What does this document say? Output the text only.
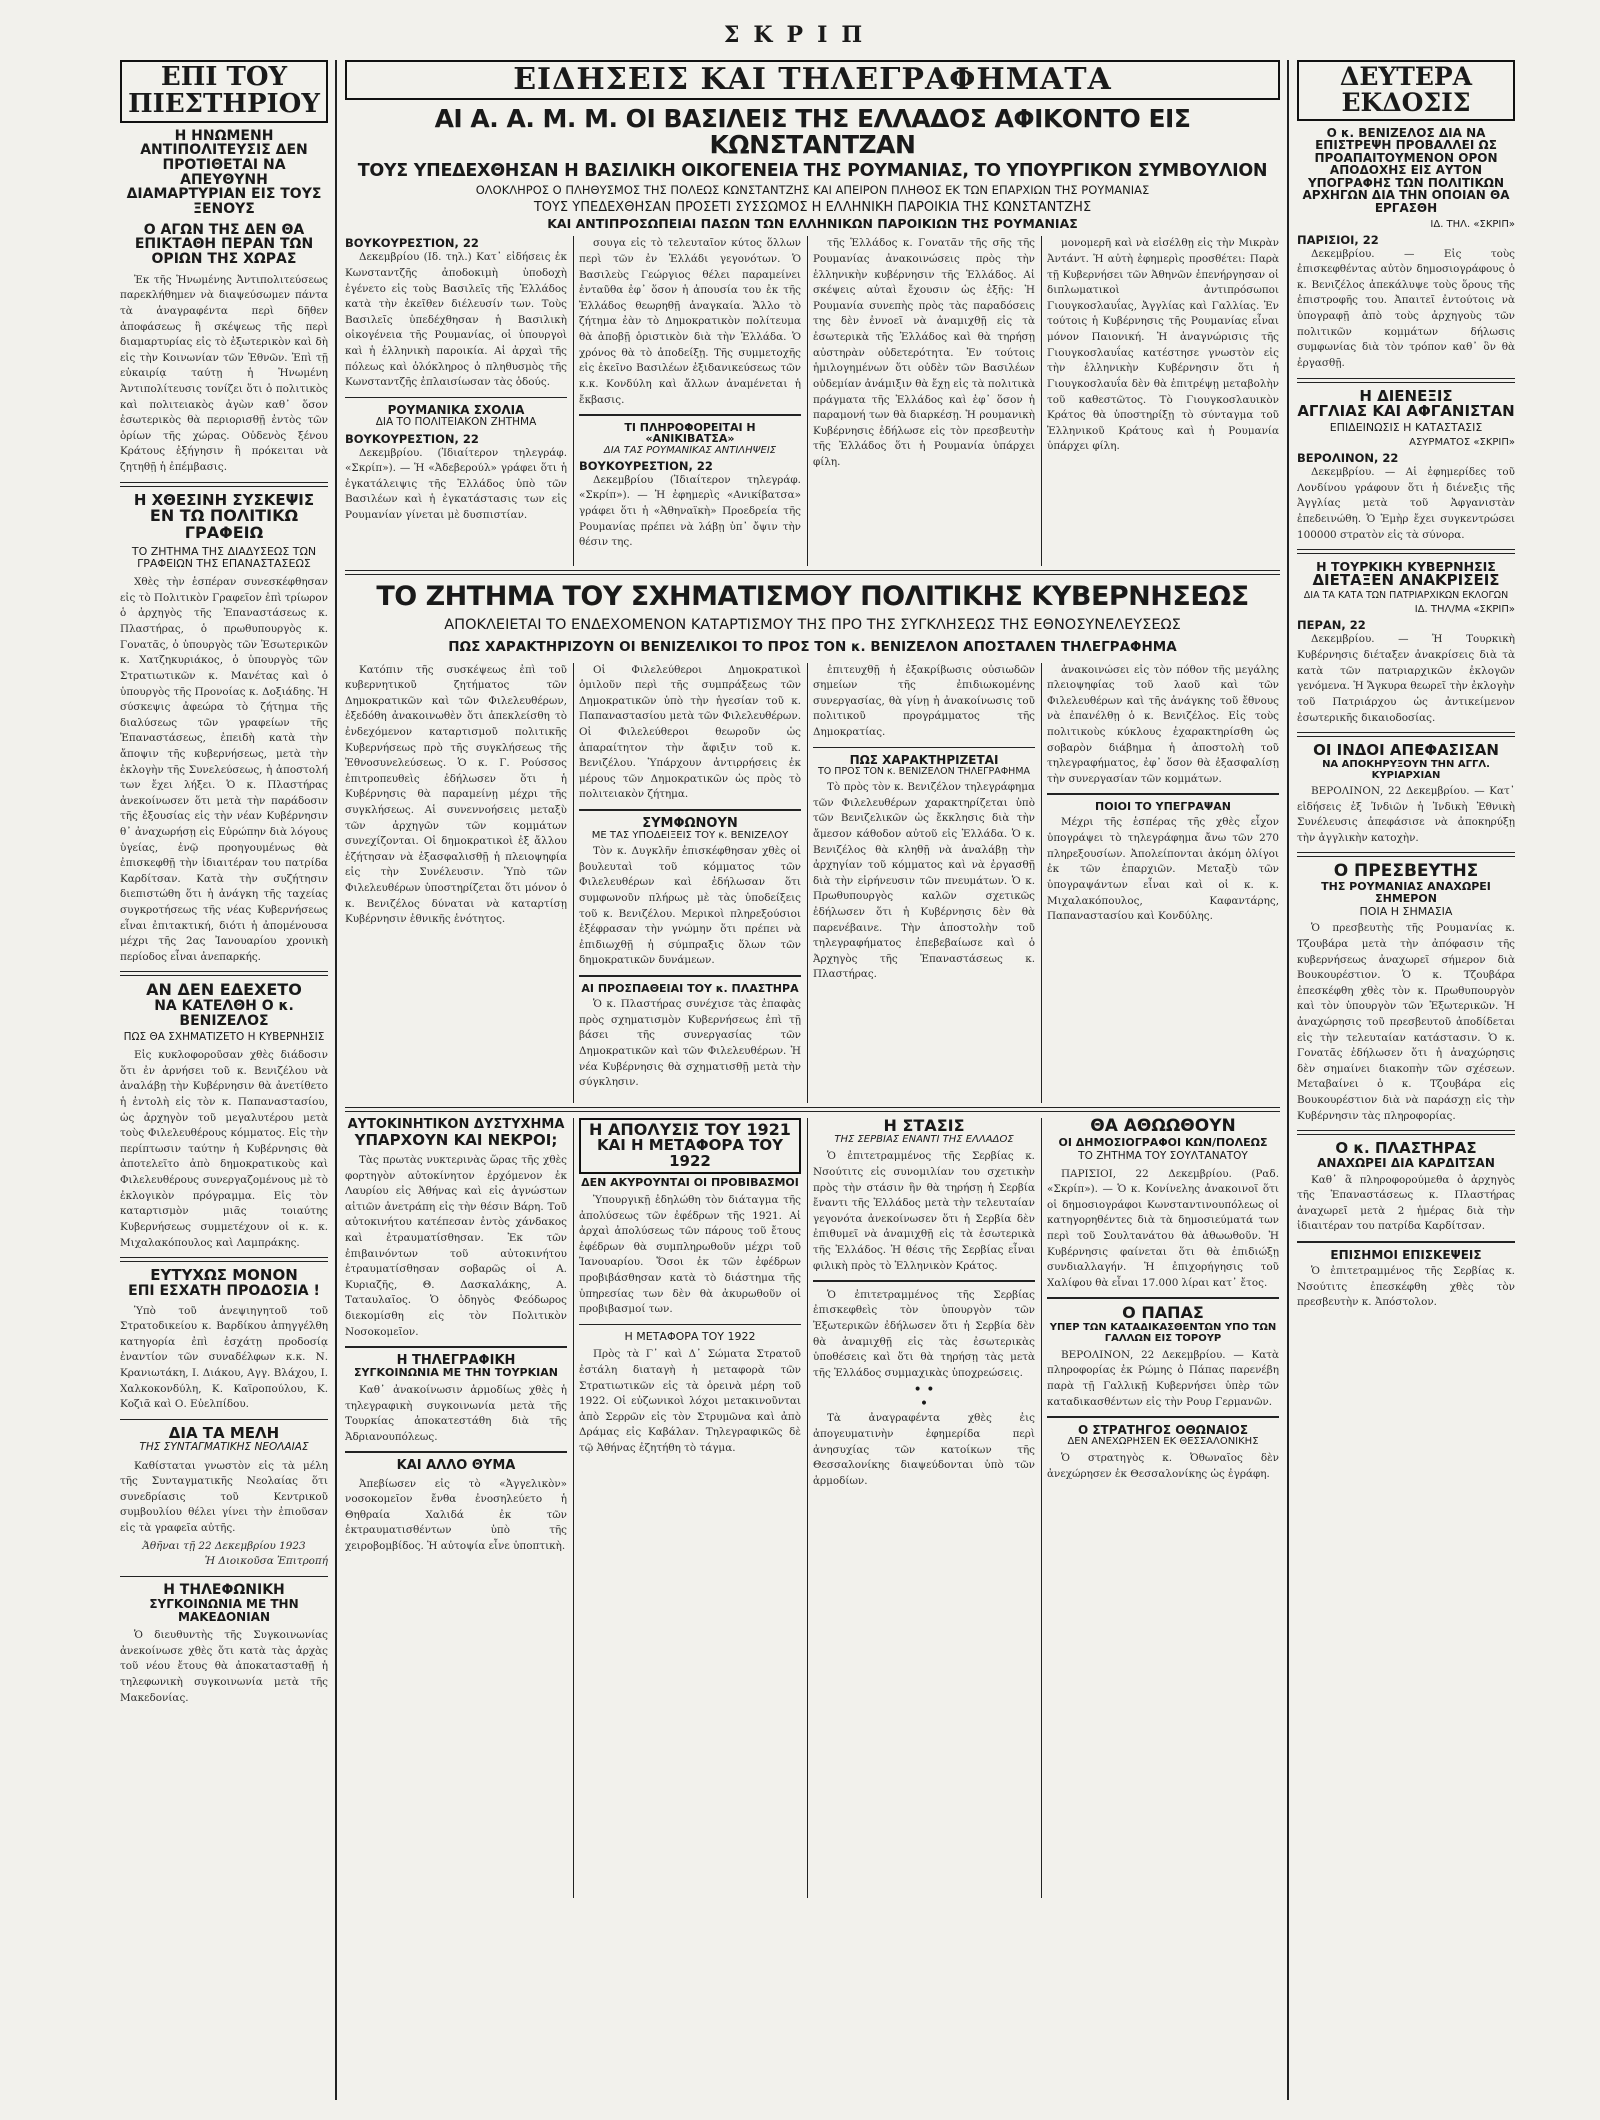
ΣΚΡΙΠ
ΕΠΙ ΤΟΥ ΠΙΕΣΤΗΡΙΟΥ
Η ΗΝΩΜΕΝΗ ΑΝΤΙΠΟΛΙΤΕΥΣΙΣ ΔΕΝ ΠΡΟΤΙΘΕΤΑΙ ΝΑ ΑΠΕΥΘΥΝΗ ΔΙΑΜΑΡΤΥΡΙΑΝ ΕΙΣ ΤΟΥΣ ΞΕΝΟΥΣ
Ο ΑΓΩΝ ΤΗΣ ΔΕΝ ΘΑ ΕΠΙΚΤΑΘΗ ΠΕΡΑΝ ΤΩΝ ΟΡΙΩΝ ΤΗΣ ΧΩΡΑΣ

Ἐκ τῆς Ἡνωμένης Ἀντιπολιτεύσεως παρεκλήθημεν νὰ διαψεύσωμεν πάντα τὰ ἀναγραφέντα περὶ δῆθεν ἀποφάσεως ἢ σκέψεως τῆς περὶ διαμαρτυρίας εἰς τὸ ἐξωτερικὸν καὶ δὴ εἰς τὴν Κοινωνίαν τῶν Ἐθνῶν. Ἐπὶ τῇ εὐκαιρίᾳ ταύτῃ ἡ Ἡνωμένη Ἀντιπολίτευσις τονίζει ὅτι ὁ πολιτικὸς καὶ πολιτειακὸς ἀγὼν καθ᾽ ὅσον ἐσωτερικὸς θὰ περιορισθῇ ἐντὸς τῶν ὁρίων τῆς χώρας. Οὐδενὸς ξένου Κράτους ἐξήγησιν ἢ πρόκειται νὰ ζητηθῇ ἡ ἐπέμβασις.

Η ΧΘΕΣΙΝΗ ΣΥΣΚΕΨΙΣ
ΕΝ ΤΩ ΠΟΛΙΤΙΚΩ ΓΡΑΦΕΙΩ
ΤΟ ΖΗΤΗΜΑ ΤΗΣ ΔΙΑΔΥΣΕΩΣ ΤΩΝ ΓΡΑΦΕΙΩΝ ΤΗΣ ΕΠΑΝΑΣΤΑΣΕΩΣ

Χθὲς τὴν ἑσπέραν συνεσκέφθησαν εἰς τὸ Πολιτικὸν Γραφεῖον ἐπὶ τρίωρον ὁ ἀρχηγὸς τῆς Ἐπαναστάσεως κ. Πλαστήρας, ὁ πρωθυπουργὸς κ. Γονατᾶς, ὁ ὑπουργὸς τῶν Ἐσωτερικῶν κ. Χατζηκυριάκος, ὁ ὑπουργὸς τῶν Στρατιωτικῶν κ. Μανέτας καὶ ὁ ὑπουργὸς τῆς Προνοίας κ. Δοξιάδης. Ἡ σύσκεψις ἀφεώρα τὸ ζήτημα τῆς διαλύσεως τῶν γραφείων τῆς Ἐπαναστάσεως, ἐπειδὴ κατὰ τὴν ἄποψιν τῆς κυβερνήσεως, μετὰ τὴν ἐκλογὴν τῆς Συνελεύσεως, ἡ ἀποστολή των ἔχει λήξει. Ὁ κ. Πλαστήρας ἀνεκοίνωσεν ὅτι μετὰ τὴν παράδοσιν τῆς ἐξουσίας εἰς τὴν νέαν Κυβέρνησιν θ᾽ ἀναχωρήσῃ εἰς Εὐρώπην διὰ λόγους ὑγείας, ἐνῷ προηγουμένως θὰ ἐπισκεφθῇ τὴν ἰδιαιτέραν του πατρίδα Καρδίτσαν. Κατὰ τὴν συζήτησιν διεπιστώθη ὅτι ἡ ἀνάγκη τῆς ταχείας συγκροτήσεως τῆς νέας Κυβερνήσεως εἶναι ἐπιτακτική, διότι ἡ ἀπομένουσα μέχρι τῆς 2ας Ἰανουαρίου χρονικὴ περίοδος εἶναι ἀνεπαρκής.

ΑΝ ΔΕΝ ΕΔΕΧΕΤΟ
ΝΑ ΚΑΤΕΛΘΗ Ο κ. ΒΕΝΙΖΕΛΟΣ
ΠΩΣ ΘΑ ΣΧΗΜΑΤΙΖΕΤΟ Η ΚΥΒΕΡΝΗΣΙΣ

Εἰς κυκλοφοροῦσαν χθὲς διάδοσιν ὅτι ἐν ἀρνήσει τοῦ κ. Βενιζέλου νὰ ἀναλάβῃ τὴν Κυβέρνησιν θὰ ἀνετίθετο ἡ ἐντολὴ εἰς τὸν κ. Παπαναστασίου, ὡς ἀρχηγὸν τοῦ μεγαλυτέρου μετὰ τοὺς Φιλελευθέρους κόμματος. Εἰς τὴν περίπτωσιν ταύτην ἡ Κυβέρνησις θὰ ἀποτελεῖτο ἀπὸ δημοκρατικοὺς καὶ Φιλελευθέρους συνεργαζομένους μὲ τὸ ἐκλογικὸν πρόγραμμα. Εἰς τὸν καταρτισμὸν μιᾶς τοιαύτης Κυβερνήσεως συμμετέχουν οἱ κ. κ. Μιχαλακόπουλος καὶ Λαμπράκης.

ΕΥΤΥΧΩΣ ΜΟΝΟΝ
ΕΠΙ ΕΣΧΑΤΗ ΠΡΟΔΟΣΙΑ !

Ὑπὸ τοῦ ἀνεψιηγητοῦ τοῦ Στρατοδικείου κ. Βαρδίκου ἀπηγγέλθη κατηγορία ἐπὶ ἐσχάτῃ προδοσίᾳ ἐναντίον τῶν συναδέλφων κ.κ. Ν. Κρανιωτάκη, Ι. Διάκου, Αγγ. Βλάχου, Ι. Χαλκοκονδύλη, Κ. Καϊροπούλου, Κ. Κοζιᾶ καὶ Ο. Εὐελπίδου.

ΔΙΑ ΤΑ ΜΕΛΗ
ΤΗΣ ΣΥΝΤΑΓΜΑΤΙΚΗΣ ΝΕΟΛΑΙΑΣ

Καθίσταται γνωστὸν εἰς τὰ μέλη τῆς Συνταγματικῆς Νεολαίας ὅτι συνεδρίασις τοῦ Κεντρικοῦ συμβουλίου θέλει γίνει τὴν ἐπιοῦσαν εἰς τὰ γραφεῖα αὐτῆς.

Ἀθῆναι τῇ 22 Δεκεμβρίου 1923
Ἡ Διοικοῦσα Ἐπιτροπή
Η ΤΗΛΕΦΩΝΙΚΗ
ΣΥΓΚΟΙΝΩΝΙΑ ΜΕ ΤΗΝ ΜΑΚΕΔΟΝΙΑΝ

Ὁ διευθυντὴς τῆς Συγκοινωνίας ἀνεκοίνωσε χθὲς ὅτι κατὰ τὰς ἀρχὰς τοῦ νέου ἔτους θὰ ἀποκατασταθῇ ἡ τηλεφωνικὴ συγκοινωνία μετὰ τῆς Μακεδονίας.

ΕΙΔΗΣΕΙΣ ΚΑΙ ΤΗΛΕΓΡΑΦΗΜΑΤΑ
ΑΙ Α. Α. Μ. Μ. ΟΙ ΒΑΣΙΛΕΙΣ ΤΗΣ ΕΛΛΑΔΟΣ ΑΦΙΚΟΝΤΟ ΕΙΣ ΚΩΝΣΤΑΝΤΖΑΝ
ΤΟΥΣ ΥΠΕΔΕΧΘΗΣΑΝ Η ΒΑΣΙΛΙΚΗ ΟΙΚΟΓΕΝΕΙΑ ΤΗΣ ΡΟΥΜΑΝΙΑΣ, ΤΟ ΥΠΟΥΡΓΙΚΟΝ ΣΥΜΒΟΥΛΙΟΝ
ΟΛΟΚΛΗΡΟΣ Ο ΠΛΗΘΥΣΜΟΣ ΤΗΣ ΠΟΛΕΩΣ ΚΩΝΣΤΑΝΤΖΗΣ ΚΑΙ ΑΠΕΙΡΟΝ ΠΛΗΘΟΣ ΕΚ ΤΩΝ ΕΠΑΡΧΙΩΝ ΤΗΣ ΡΟΥΜΑΝΙΑΣ
ΤΟΥΣ ΥΠΕΔΕΧΘΗΣΑΝ ΠΡΟΣΕΤΙ ΣΥΣΣΩΜΟΣ Η ΕΛΛΗΝΙΚΗ ΠΑΡΟΙΚΙΑ ΤΗΣ ΚΩΝΣΤΑΝΤΖΗΣ
ΚΑΙ ΑΝΤΙΠΡΟΣΩΠΕΙΑΙ ΠΑΣΩΝ ΤΩΝ ΕΛΛΗΝΙΚΩΝ ΠΑΡΟΙΚΙΩΝ ΤΗΣ ΡΟΥΜΑΝΙΑΣ
ΒΟΥΚΟΥΡΕΣΤΙΟΝ, 22

Δεκεμβρίου (Ιδ. τηλ.) Κατ᾽ εἰδήσεις ἐκ Κωνσταντζῆς ἀποδοκιμὴ ὑποδοχὴ ἐγένετο εἰς τοὺς Βασιλεῖς τῆς Ἑλλάδος κατὰ τὴν ἐκεῖθεν διέλευσίν των. Τοὺς Βασιλεῖς ὑπεδέχθησαν ἡ Βασιλικὴ οἰκογένεια τῆς Ρουμανίας, οἱ ὑπουργοὶ καὶ ἡ ἑλληνικὴ παροικία. Αἱ ἀρχαὶ τῆς πόλεως καὶ ὁλόκληρος ὁ πληθυσμὸς τῆς Κωνσταντζῆς ἐπλαισίωσαν τὰς ὁδούς.

ΡΟΥΜΑΝΙΚΑ ΣΧΟΛΙΑ
ΔΙΑ ΤΟ ΠΟΛΙΤΕΙΑΚΟΝ ΖΗΤΗΜΑ
ΒΟΥΚΟΥΡΕΣΤΙΟΝ, 22

Δεκεμβρίου. (Ἰδιαίτερον τηλεγράφ. «Σκρίπ»). — Ἡ «Ἀδεβερούλ» γράφει ὅτι ἡ ἐγκατάλειψις τῆς Ἑλλάδος ὑπὸ τῶν Βασιλέων καὶ ἡ ἐγκατάστασις των εἰς Ρουμανίαν γίνεται μὲ δυσπιστίαν.

σουγα εἰς τὸ τελευταῖον κύτος ὅλλων περὶ τῶν ἐν Ἑλλάδι γεγονότων. Ὁ Βασιλεὺς Γεώργιος θέλει παραμείνει ἐνταῦθα ἐφ᾽ ὅσον ἡ ἀπουσία του ἐκ τῆς Ἑλλάδος θεωρηθῇ ἀναγκαία. Ἄλλο τὸ ζήτημα ἐὰν τὸ Δημοκρατικὸν πολίτευμα θὰ ἀποβῇ ὁριστικὸν διὰ τὴν Ἑλλάδα. Ὁ χρόνος θὰ τὸ ἀποδείξῃ. Τῆς συμμετοχῆς εἰς ἐκεῖνο Βασιλέων ἐξιδανικεύσεως τῶν κ.κ. Κονδύλη καὶ ἄλλων ἀναμένεται ἡ ἔκβασις.

ΤΙ ΠΛΗΡΟΦΟΡΕΙΤΑΙ Η «ΑΝΙΚΙΒΑΤΣΑ»
ΔΙΑ ΤΑΣ ΡΟΥΜΑΝΙΚΑΣ ΑΝΤΙΛΗΨΕΙΣ
ΒΟΥΚΟΥΡΕΣΤΙΟΝ, 22

Δεκεμβρίου (Ἰδιαίτερον τηλεγράφ. «Σκρίπ»). — Ἡ ἐφημερὶς «Ανικίβατσα» γράφει ὅτι ἡ «Ἀθηναϊκὴ» Προεδρεία τῆς Ρουμανίας πρέπει νὰ λάβῃ ὑπ᾽ ὄψιν τὴν θέσιν της.

τῆς Ἑλλάδος κ. Γονατᾶν τῆς σῆς τῆς Ρουμανίας ἀνακοινώσεις πρὸς τὴν ἑλληνικὴν κυβέρνησιν τῆς Ἑλλάδος. Αἱ σκέψεις αὐταὶ ἔχουσιν ὡς ἑξῆς: Ἡ Ρουμανία συνεπὴς πρὸς τὰς παραδόσεις της δὲν ἐννοεῖ νὰ ἀναμιχθῇ εἰς τὰ ἐσωτερικὰ τῆς Ἑλλάδος καὶ θὰ τηρήσῃ αὐστηρὰν οὐδετερότητα. Ἐν τούτοις ἡμιλογημένων ὅτι οὐδὲν τῶν Βασιλέων οὐδεμίαν ἀνάμιξιν θὰ ἔχῃ εἰς τὰ πολιτικὰ πράγματα τῆς Ἑλλάδος καὶ ἐφ᾽ ὅσον ἡ παραμονή των θὰ διαρκέσῃ. Ἡ ρουμανικὴ Κυβέρνησις ἐδήλωσε εἰς τὸν πρεσβευτὴν τῆς Ἑλλάδος ὅτι ἡ Ρουμανία ὑπάρχει φίλη.

μονομερῆ καὶ νὰ εἰσέλθῃ εἰς τὴν Μικρὰν Ἀντάντ. Ἡ αὐτὴ ἐφημερὶς προσθέτει: Παρὰ τῇ Κυβερνήσει τῶν Ἀθηνῶν ἐπενήργησαν οἱ διπλωματικοὶ ἀντιπρόσωποι Γιουγκοσλαυΐας, Ἀγγλίας καὶ Γαλλίας. Ἐν τούτοις ἡ Κυβέρνησις τῆς Ρουμανίας εἶναι μόνον Παιονική. Ἡ ἀναγνώρισις τῆς Γιουγκοσλαυΐας κατέστησε γνωστὸν εἰς τὴν ἑλληνικὴν Κυβέρνησιν ὅτι ἡ Γιουγκοσλαυΐα δὲν θὰ ἐπιτρέψῃ μεταβολὴν τοῦ καθεστῶτος. Τὸ Γιουγκοσλαυικὸν Κράτος θὰ ὑποστηρίξῃ τὸ σύνταγμα τοῦ Ἑλληνικοῦ Κράτους καὶ ἡ Ρουμανία ὑπάρχει φίλη.

ΤΟ ΖΗΤΗΜΑ ΤΟΥ ΣΧΗΜΑΤΙΣΜΟΥ ΠΟΛΙΤΙΚΗΣ ΚΥΒΕΡΝΗΣΕΩΣ
ΑΠΟΚΛΕΙΕΤΑΙ ΤΟ ΕΝΔΕΧΟΜΕΝΟΝ ΚΑΤΑΡΤΙΣΜΟΥ ΤΗΣ ΠΡΟ ΤΗΣ ΣΥΓΚΛΗΣΕΩΣ ΤΗΣ ΕΘΝΟΣΥΝΕΛΕΥΣΕΩΣ
ΠΩΣ ΧΑΡΑΚΤΗΡΙΖΟΥΝ ΟΙ ΒΕΝΙΖΕΛΙΚΟΙ ΤΟ ΠΡΟΣ ΤΟΝ κ. ΒΕΝΙΖΕΛΟΝ ΑΠΟΣΤΑΛΕΝ ΤΗΛΕΓΡΑΦΗΜΑ

Κατόπιν τῆς συσκέψεως ἐπὶ τοῦ κυβερνητικοῦ ζητήματος τῶν Δημοκρατικῶν καὶ τῶν Φιλελευθέρων, ἐξεδόθη ἀνακοινωθὲν ὅτι ἀπεκλείσθη τὸ ἐνδεχόμενον καταρτισμοῦ πολιτικῆς Κυβερνήσεως πρὸ τῆς συγκλήσεως τῆς Ἐθνοσυνελεύσεως. Ὁ κ. Γ. Ρούσσος ἐπιτροπευθεὶς ἐδήλωσεν ὅτι ἡ Κυβέρνησις θὰ παραμείνῃ μέχρι τῆς συγκλήσεως. Αἱ συνεννοήσεις μεταξὺ τῶν ἀρχηγῶν τῶν κομμάτων συνεχίζονται. Οἱ δημοκρατικοὶ ἐξ ἄλλου ἐζήτησαν νὰ ἐξασφαλισθῇ ἡ πλειοψηφία εἰς τὴν Συνέλευσιν. Ὑπὸ τῶν Φιλελευθέρων ὑποστηρίζεται ὅτι μόνον ὁ κ. Βενιζέλος δύναται νὰ καταρτίσῃ Κυβέρνησιν ἐθνικῆς ἑνότητος.

Οἱ Φιλελεύθεροι Δημοκρατικοὶ ὁμιλοῦν περὶ τῆς συμπράξεως τῶν Δημοκρατικῶν ὑπὸ τὴν ἡγεσίαν τοῦ κ. Παπαναστασίου μετὰ τῶν Φιλελευθέρων. Οἱ Φιλελεύθεροι θεωροῦν ὡς ἀπαραίτητον τὴν ἄφιξιν τοῦ κ. Βενιζέλου. Ὑπάρχουν ἀντιρρήσεις ἐκ μέρους τῶν Δημοκρατικῶν ὡς πρὸς τὸ πολιτειακὸν ζήτημα.

ΣΥΜΦΩΝΟΥΝ
ΜΕ ΤΑΣ ΥΠΟΔΕΙΞΕΙΣ ΤΟΥ κ. ΒΕΝΙΖΕΛΟΥ

Τὸν κ. Δυγκλῆν ἐπισκέφθησαν χθὲς οἱ βουλευταὶ τοῦ κόμματος τῶν Φιλελευθέρων καὶ ἐδήλωσαν ὅτι συμφωνοῦν πλήρως μὲ τὰς ὑποδείξεις τοῦ κ. Βενιζέλου. Μερικοὶ πληρεξούσιοι ἐξέφρασαν τὴν γνώμην ὅτι πρέπει νὰ ἐπιδιωχθῇ ἡ σύμπραξις ὅλων τῶν δημοκρατικῶν δυνάμεων.

ΑΙ ΠΡΟΣΠΑΘΕΙΑΙ ΤΟΥ κ. ΠΛΑΣΤΗΡΑ

Ὁ κ. Πλαστήρας συνέχισε τὰς ἐπαφὰς πρὸς σχηματισμὸν Κυβερνήσεως ἐπὶ τῇ βάσει τῆς συνεργασίας τῶν Δημοκρατικῶν καὶ τῶν Φιλελευθέρων. Ἡ νέα Κυβέρνησις θὰ σχηματισθῇ μετὰ τὴν σύγκλησιν.

ἐπιτευχθῇ ἡ ἐξακρίβωσις οὐσιωδῶν σημείων τῆς ἐπιδιωκομένης συνεργασίας, θὰ γίνῃ ἡ ἀνακοίνωσις τοῦ πολιτικοῦ προγράμματος τῆς Δημοκρατίας.

ΠΩΣ ΧΑΡΑΚΤΗΡΙΖΕΤΑΙ
ΤΟ ΠΡΟΣ ΤΟΝ κ. ΒΕΝΙΖΕΛΟΝ ΤΗΛΕΓΡΑΦΗΜΑ

Τὸ πρὸς τὸν κ. Βενιζέλον τηλεγράφημα τῶν Φιλελευθέρων χαρακτηρίζεται ὑπὸ τῶν Βενιζελικῶν ὡς ἔκκλησις διὰ τὴν ἄμεσον κάθοδον αὐτοῦ εἰς Ἑλλάδα. Ὁ κ. Βενιζέλος θὰ κληθῇ νὰ ἀναλάβῃ τὴν ἀρχηγίαν τοῦ κόμματος καὶ νὰ ἐργασθῇ διὰ τὴν εἰρήνευσιν τῶν πνευμάτων. Ὁ κ. Πρωθυπουργὸς καλῶν σχετικῶς ἐδήλωσεν ὅτι ἡ Κυβέρνησις δὲν θὰ παρενέβαινε. Τὴν ἀποστολὴν τοῦ τηλεγραφήματος ἐπεβεβαίωσε καὶ ὁ Ἀρχηγὸς τῆς Ἐπαναστάσεως κ. Πλαστήρας.

ἀνακοινώσει εἰς τὸν πόθον τῆς μεγάλης πλειοψηφίας τοῦ λαοῦ καὶ τῶν Φιλελευθέρων καὶ τῆς ἀνάγκης τοῦ ἔθνους νὰ ἐπανέλθῃ ὁ κ. Βενιζέλος. Εἰς τοὺς πολιτικοὺς κύκλους ἐχαρακτηρίσθη ὡς σοβαρὸν διάβημα ἡ ἀποστολὴ τοῦ τηλεγραφήματος, ἐφ᾽ ὅσον θὰ ἐξασφαλίσῃ τὴν συνεργασίαν τῶν κομμάτων.

ΠΟΙΟΙ ΤΟ ΥΠΕΓΡΑΨΑΝ

Μέχρι τῆς ἑσπέρας τῆς χθὲς εἶχον ὑπογράψει τὸ τηλεγράφημα ἄνω τῶν 270 πληρεξουσίων. Ἀπολείπονται ἀκόμη ὀλίγοι ἐκ τῶν ἐπαρχιῶν. Μεταξὺ τῶν ὑπογραψάντων εἶναι καὶ οἱ κ. κ. Μιχαλακόπουλος, Καφαντάρης, Παπαναστασίου καὶ Κονδύλης.

ΑΥΤΟΚΙΝΗΤΙΚΟΝ ΔΥΣΤΥΧΗΜΑ
ΥΠΑΡΧΟΥΝ ΚΑΙ ΝΕΚΡΟΙ;

Τὰς πρωτὰς νυκτερινὰς ὥρας τῆς χθὲς φορτηγὸν αὐτοκίνητον ἐρχόμενον ἐκ Λαυρίου εἰς Ἀθήνας καὶ εἰς ἀγνώστων αἰτιῶν ἀνετράπη εἰς τὴν θέσιν Βάρη. Τοῦ αὐτοκινήτου κατέπεσαν ἐντὸς χάνδακος καὶ ἐτραυματίσθησαν. Ἐκ τῶν ἐπιβαινόντων τοῦ αὐτοκινήτου ἐτραυματίσθησαν σοβαρῶς οἱ Α. Κυριαζῆς, Θ. Δασκαλάκης, Α. Ταταυλαῖος. Ὁ ὁδηγὸς Φεόδωρος διεκομίσθη εἰς τὸν Πολιτικὸν Νοσοκομεῖον.

Η ΤΗΛΕΓΡΑΦΙΚΗ
ΣΥΓΚΟΙΝΩΝΙΑ ΜΕ ΤΗΝ ΤΟΥΡΚΙΑΝ

Καθ᾽ ἀνακοίνωσιν ἀρμοδίως χθὲς ἡ τηλεγραφικὴ συγκοινωνία μετὰ τῆς Τουρκίας ἀποκατεστάθη διὰ τῆς Ἀδριανουπόλεως.

ΚΑΙ ΑΛΛΟ ΘΥΜΑ

Ἀπεβίωσεν εἰς τὸ «Ἀγγελικὸν» νοσοκομεῖον ἔνθα ἐνοσηλεύετο ἡ Θηθραία Χαλιδά ἐκ τῶν ἐκτραυματισθέντων ὑπὸ τῆς χειροβομβίδος. Ἡ αὐτοψία εἶνε ὑποπτικὴ.

Η ΑΠΟΛΥΣΙΣ ΤΟΥ 1921
ΚΑΙ Η ΜΕΤΑΦΟΡΑ ΤΟΥ 1922
ΔΕΝ ΑΚΥΡΟΥΝΤΑΙ ΟΙ ΠΡΟΒΙΒΑΣΜΟΙ

Ὑπουργικῇ ἐδηλώθη τὸν διάταγμα τῆς ἀπολύσεως τῶν ἐφέδρων τῆς 1921. Αἱ ἀρχαὶ ἀπολύσεως τῶν πάρους τοῦ ἔτους ἐφέδρων θὰ συμπληρωθοῦν μέχρι τοῦ Ἰανουαρίου. Ὅσοι ἐκ τῶν ἐφέδρων προβιβάσθησαν κατὰ τὸ διάστημα τῆς ὑπηρεσίας των δὲν θὰ ἀκυρωθοῦν οἱ προβιβασμοί των.

Η ΜΕΤΑΦΟΡΑ ΤΟΥ 1922

Πρὸς τὰ Γ᾽ καὶ Δ᾽ Σώματα Στρατοῦ ἐστάλη διαταγὴ ἡ μεταφορὰ τῶν Στρατιωτικῶν εἰς τὰ ὁρεινὰ μέρη τοῦ 1922. Οἱ εὐζωνικοὶ λόχοι μετακινοῦνται ἀπὸ Σερρῶν εἰς τὸν Στρυμῶνα καὶ ἀπὸ Δράμας εἰς Καβάλαν. Τηλεγραφικῶς δὲ τῷ Ἀθήνας ἐζητήθη τὸ τάγμα.

Η ΣΤΑΣΙΣ
ΤΗΣ ΣΕΡΒΙΑΣ ΕΝΑΝΤΙ ΤΗΣ ΕΛΛΑΔΟΣ

Ὁ ἐπιτετραμμένος τῆς Σερβίας κ. Νσούτιτς εἰς συνομιλίαν του σχετικὴν πρὸς τὴν στάσιν ἣν θὰ τηρήσῃ ἡ Σερβία ἔναντι τῆς Ἑλλάδος μετὰ τὴν τελευταίαν γεγονότα ἀνεκοίνωσεν ὅτι ἡ Σερβία δὲν ἐπιθυμεῖ νὰ ἀναμιχθῇ εἰς τὰ ἐσωτερικὰ τῆς Ἑλλάδος. Ἡ θέσις τῆς Σερβίας εἶναι φιλικὴ πρὸς τὸ Ἑλληνικὸν Κράτος.

Ὁ ἐπιτετραμμένος τῆς Σερβίας ἐπισκεφθεὶς τὸν ὑπουργὸν τῶν Ἐξωτερικῶν ἐδήλωσεν ὅτι ἡ Σερβία δὲν θὰ ἀναμιχθῇ εἰς τὰς ἐσωτερικὰς ὑποθέσεις καὶ ὅτι θὰ τηρήσῃ τὰς μετὰ τῆς Ἑλλάδος συμμαχικὰς ὑποχρεώσεις.

• •
•

Τὰ ἀναγραφέντα χθὲς ἐις ἀπογευματινὴν ἐφημερίδα περὶ ἀνησυχίας τῶν κατοίκων τῆς Θεσσαλονίκης διαψεύδονται ὑπὸ τῶν ἁρμοδίων.

ΘΑ ΑΘΩΩΘΟΥΝ
ΟΙ ΔΗΜΟΣΙΟΓΡΑΦΟΙ ΚΩΝ/ΠΟΛΕΩΣ
ΤΟ ΖΗΤΗΜΑ ΤΟΥ ΣΟΥΛΤΑΝΑΤΟΥ

ΠΑΡΙΣΙΟΙ, 22 Δεκεμβρίου. (Ραδ. «Σκρίπ»). — Ὁ κ. Κονίνελης ἀνακοινοῖ ὅτι οἱ δημοσιογράφοι Κωνσταντινουπόλεως οἱ κατηγορηθέντες διὰ τὰ δημοσιεύματά των περὶ τοῦ Σουλτανάτου θὰ ἀθωωθοῦν. Ἡ Κυβέρνησις φαίνεται ὅτι θὰ ἐπιδιώξῃ συνδιαλλαγήν. Ἡ ἐπιχορήγησις τοῦ Χαλίφου θὰ εἶναι 17.000 λίραι κατ᾽ ἔτος.

Ο ΠΑΠΑΣ
ΥΠΕΡ ΤΩΝ ΚΑΤΑΔΙΚΑΣΘΕΝΤΩΝ ΥΠΟ ΤΩΝ ΓΑΛΛΩΝ ΕΙΣ ΤΟΡΟΥΡ

ΒΕΡΟΛΙΝΟΝ, 22 Δεκεμβρίου. — Κατὰ πληροφορίας ἐκ Ρώμης ὁ Πάπας παρενέβη παρὰ τῇ Γαλλικῇ Κυβερνήσει ὑπὲρ τῶν καταδικασθέντων εἰς τὴν Ρουρ Γερμανῶν.

Ο ΣΤΡΑΤΗΓΟΣ ΟΘΩΝΑΙΟΣ
ΔΕΝ ΑΝΕΧΩΡΗΣΕΝ ΕΚ ΘΕΣΣΑΛΟΝΙΚΗΣ

Ὁ στρατηγὸς κ. Ὀθωναῖος δὲν ἀνεχώρησεν ἐκ Θεσσαλονίκης ὡς ἐγράφη.

ΔΕΥΤΕΡΑ ΕΚΔΟΣΙΣ
Ο κ. ΒΕΝΙΖΕΛΟΣ ΔΙΑ ΝΑ ΕΠΙΣΤΡΕΨΗ ΠΡΟΒΑΛΛΕΙ ΩΣ ΠΡΟΑΠΑΙΤΟΥΜΕΝΟΝ ΟΡΟΝ ΑΠΟΔΟΧΗΣ ΕΙΣ ΑΥΤΟΝ ΥΠΟΓΡΑΦΗΣ ΤΩΝ ΠΟΛΙΤΙΚΩΝ ΑΡΧΗΓΩΝ ΔΙΑ ΤΗΝ ΟΠΟΙΑΝ ΘΑ ΕΡΓΑΣΘΗ
ΙΔ. ΤΗΛ. «ΣΚΡΙΠ»
ΠΑΡΙΣΙΟΙ, 22

Δεκεμβρίου. — Εἰς τοὺς ἐπισκεφθέντας αὐτὸν δημοσιογράφους ὁ κ. Βενιζέλος ἀπεκάλυψε τοὺς ὅρους τῆς ἐπιστροφῆς του. Ἀπαιτεῖ ἐντούτοις νὰ ὑπογραφῇ ἀπὸ τοὺς ἀρχηγοὺς τῶν πολιτικῶν κομμάτων δήλωσις συμφωνίας διὰ τὸν τρόπον καθ᾽ ὃν θὰ ἐργασθῇ.

Η ΔΙΕΝΕΞΙΣ
ΑΓΓΛΙΑΣ ΚΑΙ ΑΦΓΑΝΙΣΤΑΝ
ΕΠΙΔΕΙΝΩΣΙΣ Η ΚΑΤΑΣΤΑΣΙΣ
ΑΣΥΡΜΑΤΟΣ «ΣΚΡΙΠ»
ΒΕΡΟΛΙΝΟΝ, 22

Δεκεμβρίου. — Αἱ ἐφημερίδες τοῦ Λονδίνου γράφουν ὅτι ἡ διένεξις τῆς Ἀγγλίας μετὰ τοῦ Ἀφγανιστὰν ἐπεδεινώθη. Ὁ Ἐμὴρ ἔχει συγκεντρώσει 100000 στρατὸν εἰς τὰ σύνορα.

Η ΤΟΥΡΚΙΚΗ ΚΥΒΕΡΝΗΣΙΣ
ΔΙΕΤΑΞΕΝ ΑΝΑΚΡΙΣΕΙΣ
ΔΙΑ ΤΑ ΚΑΤΑ ΤΩΝ ΠΑΤΡΙΑΡΧΙΚΩΝ ΕΚΛΟΓΩΝ
ΙΔ. ΤΗΛ/ΜΑ «ΣΚΡΙΠ»
ΠΕΡΑΝ, 22

Δεκεμβρίου. — Ἡ Τουρκικὴ Κυβέρνησις διέταξεν ἀνακρίσεις διὰ τὰ κατὰ τῶν πατριαρχικῶν ἐκλογῶν γενόμενα. Ἡ Ἄγκυρα θεωρεῖ τὴν ἐκλογὴν τοῦ Πατριάρχου ὡς ἀντικείμενον ἐσωτερικῆς δικαιοδοσίας.

ΟΙ ΙΝΔΟΙ ΑΠΕΦΑΣΙΣΑΝ
ΝΑ ΑΠΟΚΗΡΥΞΟΥΝ ΤΗΝ ΑΓΓΛ. ΚΥΡΙΑΡΧΙΑΝ

ΒΕΡΟΛΙΝΟΝ, 22 Δεκεμβρίου. — Κατ᾽ εἰδήσεις ἐξ Ἰνδιῶν ἡ Ἰνδικὴ Ἐθνικὴ Συνέλευσις ἀπεφάσισε νὰ ἀποκηρύξῃ τὴν ἀγγλικὴν κατοχὴν.

Ο ΠΡΕΣΒΕΥΤΗΣ
ΤΗΣ ΡΟΥΜΑΝΙΑΣ ΑΝΑΧΩΡΕΙ ΣΗΜΕΡΟΝ
ΠΟΙΑ Η ΣΗΜΑΣΙΑ

Ὁ πρεσβευτὴς τῆς Ρουμανίας κ. Τζουβάρα μετὰ τὴν ἀπόφασιν τῆς κυβερνήσεως ἀναχωρεῖ σήμερον διὰ Βουκουρέστιον. Ὁ κ. Τζουβάρα ἐπεσκέφθη χθὲς τὸν κ. Πρωθυπουργὸν καὶ τὸν ὑπουργὸν τῶν Ἐξωτερικῶν. Ἡ ἀναχώρησις τοῦ πρεσβευτοῦ ἀποδίδεται εἰς τὴν τελευταίαν κατάστασιν. Ὁ κ. Γονατᾶς ἐδήλωσεν ὅτι ἡ ἀναχώρησις δὲν σημαίνει διακοπὴν τῶν σχέσεων. Μεταβαίνει ὁ κ. Τζουβάρα εἰς Βουκουρέστιον διὰ νὰ παράσχῃ εἰς τὴν Κυβέρνησιν τὰς πληροφορίας.

Ο κ. ΠΛΑΣΤΗΡΑΣ
ΑΝΑΧΩΡΕΙ ΔΙΑ ΚΑΡΔΙΤΣΑΝ

Καθ᾽ ἃ πληροφορούμεθα ὁ ἀρχηγὸς τῆς Ἐπαναστάσεως κ. Πλαστήρας ἀναχωρεῖ μετὰ 2 ἡμέρας διὰ τὴν ἰδιαιτέραν του πατρίδα Καρδίτσαν.

ΕΠΙΣΗΜΟΙ ΕΠΙΣΚΕΨΕΙΣ

Ὁ ἐπιτετραμμένος τῆς Σερβίας κ. Νσούτιτς ἐπεσκέφθη χθὲς τὸν πρεσβευτὴν κ. Ἀπόστολον.
